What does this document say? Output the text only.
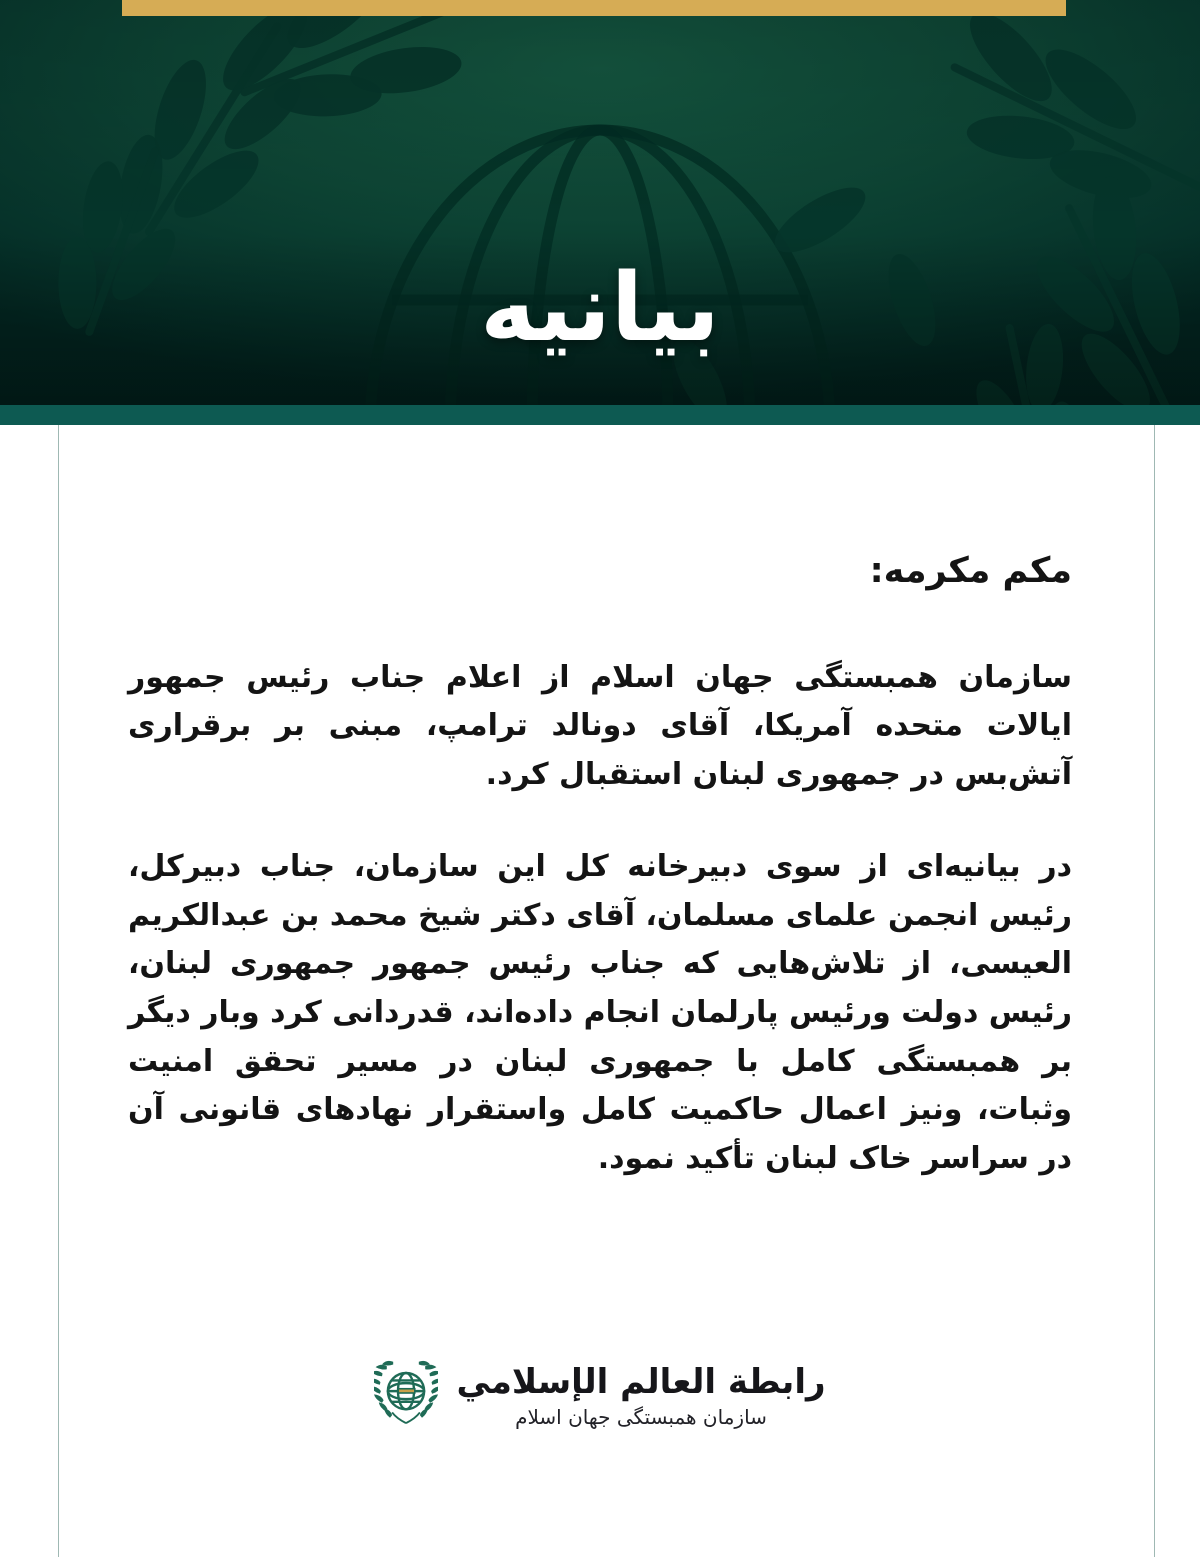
بیانیه

مکم مکرمه:

سازمان همبستگی جهان اسلام از اعلام جناب رئیس جمهور ایالات متحده آمریکا، آقای دونالد ترامپ، مبنی بر برقراری آتش‌بس در جمهوری لبنان استقبال کرد.

در بیانیه‌ای از سوی دبیرخانه کل این سازمان، جناب دبیرکل، رئیس انجمن علمای مسلمان، آقای دکتر شیخ محمد بن عبدالکریم العیسی، از تلاش‌هایی که جناب رئیس جمهور جمهوری لبنان، رئیس دولت ورئیس پارلمان انجام داده‌اند، قدردانی کرد وبار دیگر بر همبستگی کامل با جمهوری لبنان در مسیر تحقق امنیت وثبات، ونیز اعمال حاکمیت کامل واستقرار نهادهای قانونی آن در سراسر خاک لبنان تأکید نمود.

رابطة العالم الإسلامي
سازمان همبستگی جهان اسلام
